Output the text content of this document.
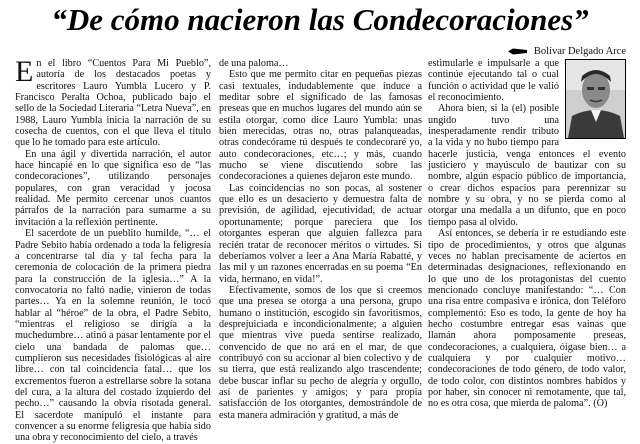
“De cómo nacieron las Condecoraciones”
Bolívar Delgado Arce

En el libro “Cuentos Para Mi Pueblo”, autoría de los destacados poetas y escritores Lauro Yumbla Lucero y P. Francisco Peralta Ochoa, publicado bajo el sello de la Sociedad Literaria “Letra Nueva”, en 1988, Lauro Yumbla inicia la narración de su cosecha de cuentos, con el que lleva el título que lo he tomado para este artículo.

En una ágil y divertida narración, el autor hace hincapié en lo que significa eso de “las condecoraciones”, utilizando personajes populares, con gran veracidad y jocosa realidad. Me permito cercenar unos cuantos párrafos de la narración para sumarme a su invitación a la reflexión pertinente.

El sacerdote de un pueblito humilde, “… el Padre Sebito había ordenado a toda la feligresía a concentrarse tal día y tal fecha para la ceremonia de colocación de la primera piedra para la construcción de la iglesia…” A la convocatoria no faltó nadie, vinieron de todas partes… Ya en la solemne reunión, le tocó hablar al “héroe” de la obra, el Padre Sebito, “mientras el religioso se dirigía a la muchedumbre… atinó a pasar lentamente por el cielo una bandada de palomas que… cumplieron sus necesidades fisiológicas al aire libre… con tal coincidencia fatal… que los excrementos fueron a estrellarse sobre la sotana del cura, a la altura del costado izquierdo del pecho…” causando la obvia risotada general. El sacerdote manipuló el instante para convencer a su enorme feligresía que había sido una obra y reconocimiento del cielo, a través

de una paloma…

Esto que me permito citar en pequeñas piezas casi textuales, indudablemente que induce a meditar sobre el significado de las famosas preseas que en muchos lugares del mundo aún se estila otorgar, como dice Lauro Yumbla: unas bien merecidas, otras no, otras palanqueadas, otras condecórame tú después te condecoraré yo, auto condecoraciones, etc…; y más, cuando mucho se viene discutiendo sobre las condecoraciones a quienes dejaron este mundo.

Las coincidencias no son pocas, al sostener que ello es un desacierto y demuestra falta de previsión, de agilidad, ejecutividad, de actuar oportunamente; porque pareciera que los otorgantes esperan que alguien fallezca para recién tratar de reconocer méritos o virtudes. Si deberíamos volver a leer a Ana María Rabatté, y las mil y un razones encerradas en su poema “En vida, hermano, en vida!”.

Efectivamente, somos de los que si creemos que una presea se otorga a una persona, grupo humano o institución, escogido sin favoritismos, desprejuiciada e incondicionalmente; a alguien que mientras vive pueda sentirse realizado, convencido de que no ará en el mar, de que contribuyó con su accionar al bien colectivo y de su tierra, que está realizando algo trascendente; debe buscar inflar su pecho de alegría y orgullo, así de parientes y amigos; y para propia satisfacción de los otorgantes, demostrándole de esta manera admiración y gratitud, a más de

estimularle e impulsarle a que continúe ejecutando tal o cual función o actividad que le valió el reconocimiento.

Ahora bien, si la (el) posible ungido tuvo una inesperadamente rendir tributo a la vida y no hubo tiempo para hacerle justicia, venga entonces el evento justiciero y mayúsculo de bautizar con su nombre, algún espacio público de importancia, o crear dichos espacios para perennizar su nombre y su obra, y no se pierda como al otorgar una medalla a un difunto, que en poco tiempo pasa al olvido.

Así entonces, se debería ir re estudiando este tipo de procedimientos, y otros que algunas veces no hablan precisamente de aciertos en determinadas designaciones, reflexionando en lo que uno de los protagonistas del cuento mencionado concluye manifestando: “… Con una risa entre compasiva e irónica, don Teléforo complementó: Eso es todo, la gente de hoy ha hecho costumbre entregar esas vainas que llamán ahora pomposamente preseas, condecoraciones, a cualquiera, óigase bien… a cualquiera y por cualquier motivo… condecoraciones de todo género, de todo valor, de todo color, con distintos nombres habidos y por haber, sin conocer ni remotamente, que tal, no es otra cosa, que mierda de paloma”. (O)
